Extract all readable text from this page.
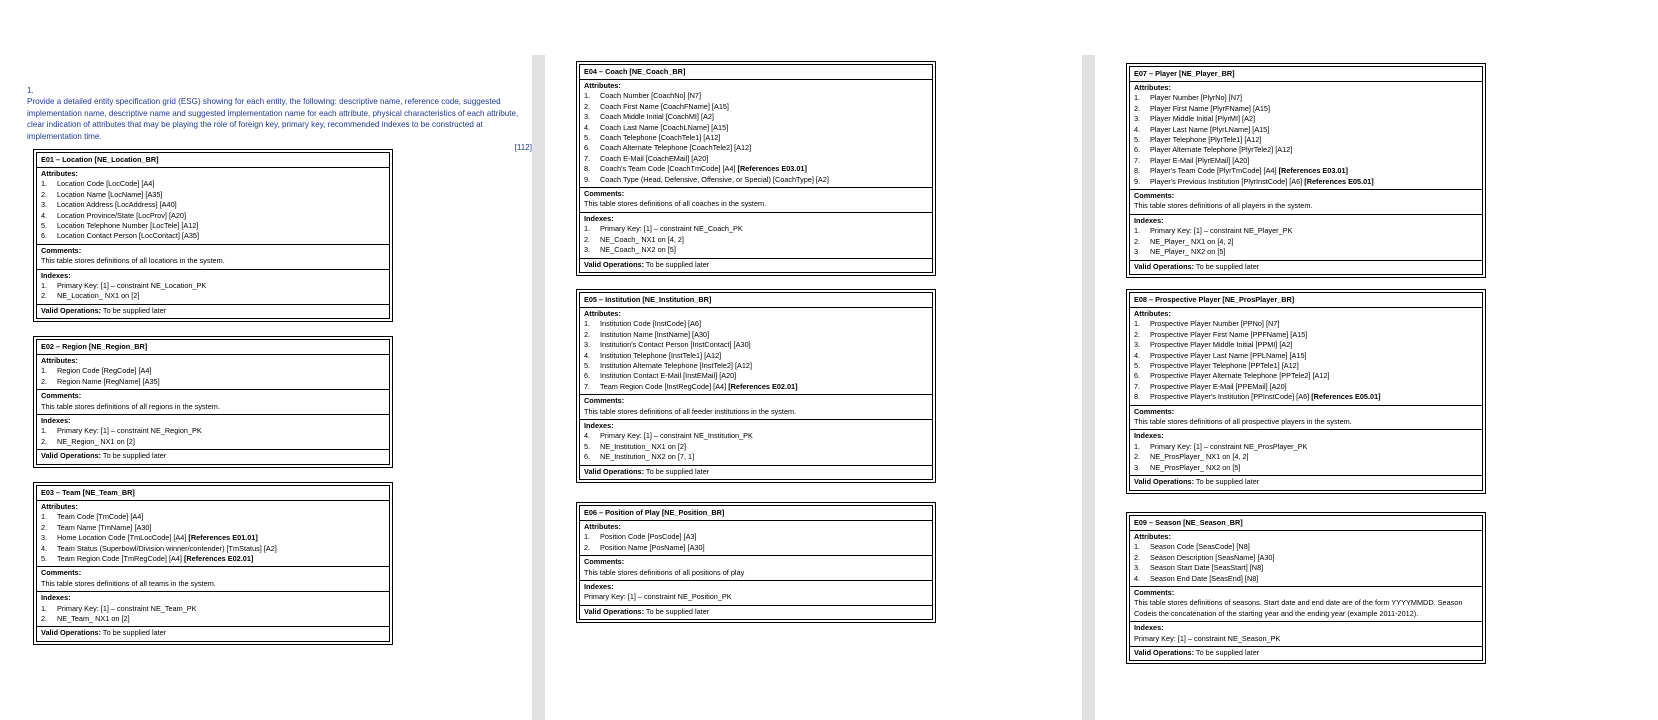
1.
Provide a detailed entity specification grid (ESG) showing for each entity, the following: descriptive name, reference code, suggested implementation name, descriptive name and suggested implementation name for each attribute, physical characteristics of each attribute, clear indication of attributes that may be playing the role of foreign key, primary key, recommended indexes to be constructed at implementation time.
[112]
E01 – Location [NE_Location_BR]
Attributes:
1. Location Code [LocCode] [A4]
2. Location Name [LocName] [A35]
3. Location Address [LocAddress] [A40]
4. Location Province/State [LocProv] [A20]
5. Location Telephone Number [LocTele] [A12]
6. Location Contact Person [LocContact] [A35]
Comments:
This table stores definitions of all locations in the system.
Indexes:
1. Primary Key: [1] – constraint NE_Location_PK
2. NE_Location_ NX1 on [2]
Valid Operations: To be supplied later
E02 – Region [NE_Region_BR]
Attributes:
1. Region Code [RegCode] [A4]
2. Region Name [RegName] [A35]
Comments:
This table stores definitions of all regions in the system.
Indexes:
1. Primary Key: [1] – constraint NE_Region_PK
2. NE_Region_ NX1 on [2]
Valid Operations: To be supplied later
E03 – Team [NE_Team_BR]
Attributes:
1. Team Code [TmCode] [A4]
2. Team Name [TmName] [A30]
3. Home Location Code [TmLocCode] [A4] [References E01.01]
4. Team Status (Superbowl/Division winner/contender) [TmStatus] [A2]
5. Team Region Code [TmRegCode] [A4] [References E02.01]
Comments:
This table stores definitions of all teams in the system.
Indexes:
1. Primary Key: [1] – constraint NE_Team_PK
2. NE_Team_ NX1 on [2]
Valid Operations: To be supplied later
E04 – Coach [NE_Coach_BR]
Attributes:
1. Coach Number [CoachNo] [N7]
2. Coach First Name [CoachFName] [A15]
3. Coach Middle Initial [CoachMI] [A2]
4. Coach Last Name [CoachLName] [A15]
5. Coach Telephone [CoachTele1] [A12]
6. Coach Alternate Telephone [CoachTele2] [A12]
7. Coach E-Mail [CoachEMail] [A20]
8. Coach's Team Code [CoachTmCode] [A4] [References E03.01]
9. Coach Type (Head, Defensive, Offensive, or Special) [CoachType] [A2]
Comments:
This table stores definitions of all coaches in the system.
Indexes:
1. Primary Key: [1] – constraint NE_Coach_PK
2. NE_Coach_ NX1 on [4, 2]
3. NE_Coach_ NX2 on [5]
Valid Operations: To be supplied later
E05 – Institution [NE_Institution_BR]
Attributes:
1. Institution Code [InstCode] [A6]
2. Institution Name [InstName] [A30]
3. Institution's Contact Person [InstContact] [A30]
4. Institution Telephone [InstTele1] [A12]
5. Institution Alternate Telephone [InstTele2] [A12]
6. Institution Contact E-Mail [InstEMail] [A20]
7. Team Region Code [InstRegCode] [A4] [References E02.01]
Comments:
This table stores definitions of all feeder institutions in the system.
Indexes:
4. Primary Key: [1] – constraint NE_Institution_PK
5. NE_Institution_ NX1 on [2]
6. NE_Institution_ NX2 on [7, 1]
Valid Operations: To be supplied later
E06 – Position of Play [NE_Position_BR]
Attributes:
1. Position Code [PosCode] [A3]
2. Position Name [PosName] [A30]
Comments:
This table stores definitions of all positions of play
Indexes:
Primary Key: [1] – constraint NE_Position_PK
Valid Operations: To be supplied later
E07 – Player [NE_Player_BR]
Attributes:
1. Player Number [PlyrNo] [N7]
2. Player First Name [PlyrFName] [A15]
3. Player Middle Initial [PlyrMI] [A2]
4. Player Last Name [PlyrLName] [A15]
5. Player Telephone [PlyrTele1] [A12]
6. Player Alternate Telephone [PlyrTele2] [A12]
7. Player E-Mail [PlyrEMail] [A20]
8. Player's Team Code [PlyrTmCode] [A4] [References E03.01]
9. Player's Previous Institution [PlyrInstCode] [A6] [References E05.01]
Comments:
This table stores definitions of all players in the system.
Indexes:
1. Primary Key: [1] – constraint NE_Player_PK
2. NE_Player_ NX1 on [4, 2]
3. NE_Player_ NX2 on [5]
Valid Operations: To be supplied later
E08 – Prospective Player [NE_ProsPlayer_BR]
Attributes:
1. Prospective Player Number [PPNo] [N7]
2. Prospective Player First Name [PPFName] [A15]
3. Prospective Player Middle Initial [PPMI] [A2]
4. Prospective Player Last Name [PPLName] [A15]
5. Prospective Player Telephone [PPTele1] [A12]
6. Prospective Player Alternate Telephone [PPTele2] [A12]
7. Prospective Player E-Mail [PPEMail] [A20]
8. Prospective Player's Institution [PPInstCode] [A6] [References E05.01]
Comments:
This table stores definitions of all prospective players in the system.
Indexes:
1. Primary Key: [1] – constraint NE_ProsPlayer_PK
2. NE_ProsPlayer_ NX1 on [4, 2]
3. NE_ProsPlayer_ NX2 on [5]
Valid Operations: To be supplied later
E09 – Season [NE_Season_BR]
Attributes:
1. Season Code [SeasCode] [N8]
2. Season Description [SeasName] [A30]
3. Season Start Date [SeasStart] [N8]
4. Season End Date [SeasEnd] [N8]
Comments:
This table stores definitions of seasons. Start date and end date are of the form YYYYMMDD. Season Codeis the concatenation of the starting year and the ending year (example 2011-2012).
Indexes:
Primary Key: [1] – constraint NE_Season_PK
Valid Operations: To be supplied later
